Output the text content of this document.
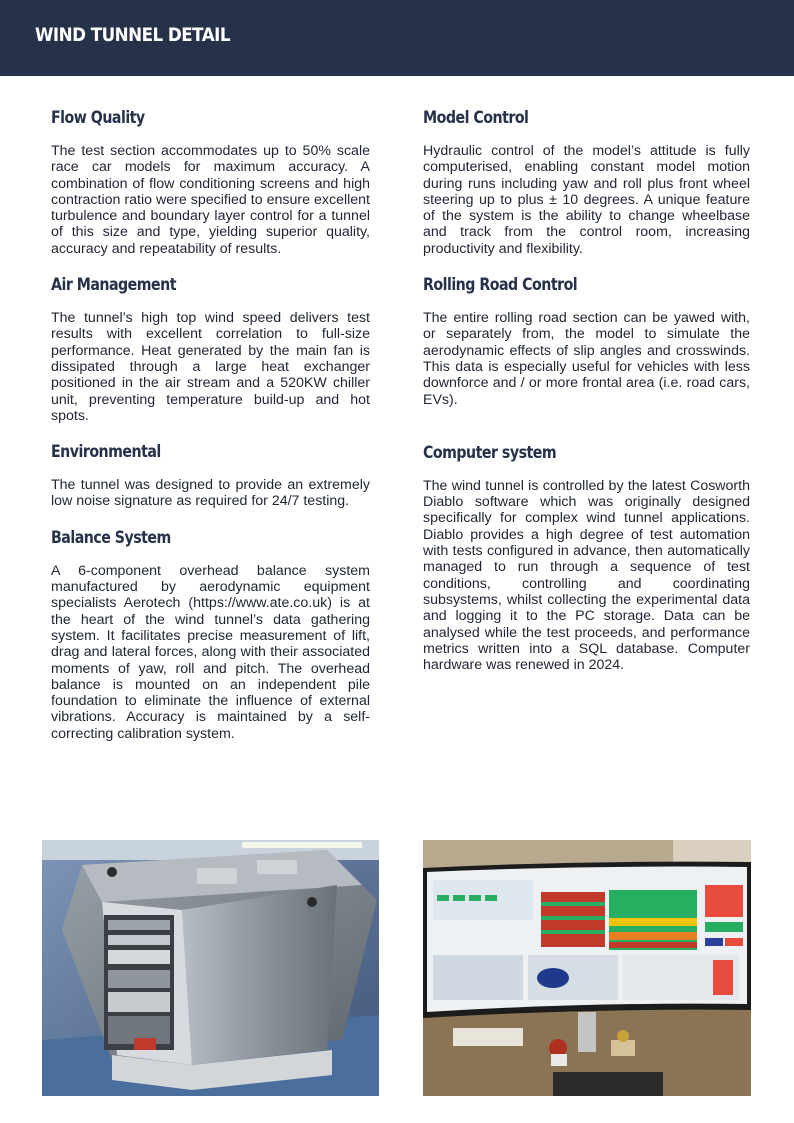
WIND TUNNEL DETAIL
Flow Quality

The test section accommodates up to 50% scale race car models for maximum accuracy. A combination of flow conditioning screens and high contraction ratio were specified to ensure excellent turbulence and boundary layer control for a tunnel of this size and type, yielding superior quality, accuracy and repeatability of results.

Air Management

The tunnel’s high top wind speed delivers test results with excellent correlation to full-size performance. Heat generated by the main fan is dissipated through a large heat exchanger positioned in the air stream and a 520KW chiller unit, preventing temperature build-up and hot spots.

Environmental

The tunnel was designed to provide an extremely low noise signature as required for 24/7 testing.

Balance System

A 6-component overhead balance system manufactured by aerodynamic equipment specialists Aerotech (https://www.ate.co.uk) is at the heart of the wind tunnel’s data gathering system. It facilitates precise measurement of lift, drag and lateral forces, along with their associated moments of yaw, roll and pitch. The overhead balance is mounted on an independent pile foundation to eliminate the influence of external vibrations. Accuracy is maintained by a self-correcting calibration system.

Model Control

Hydraulic control of the model’s attitude is fully computerised, enabling constant model motion during runs including yaw and roll plus front wheel steering up to plus ± 10 degrees. A unique feature of the system is the ability to change wheelbase and track from the control room, increasing productivity and flexibility.

Rolling Road Control

The entire rolling road section can be yawed with, or separately from, the model to simulate the aerodynamic effects of slip angles and crosswinds. This data is especially useful for vehicles with less downforce and / or more frontal area (i.e. road cars, EVs).

Computer system

The wind tunnel is controlled by the latest Cosworth Diablo software which was originally designed specifically for complex wind tunnel applications. Diablo provides a high degree of test automation with tests configured in advance, then automatically managed to run through a sequence of test conditions, controlling and coordinating subsystems, whilst collecting the experimental data and logging it to the PC storage. Data can be analysed while the test proceeds, and performance metrics written into a SQL database. Computer hardware was renewed in 2024.
